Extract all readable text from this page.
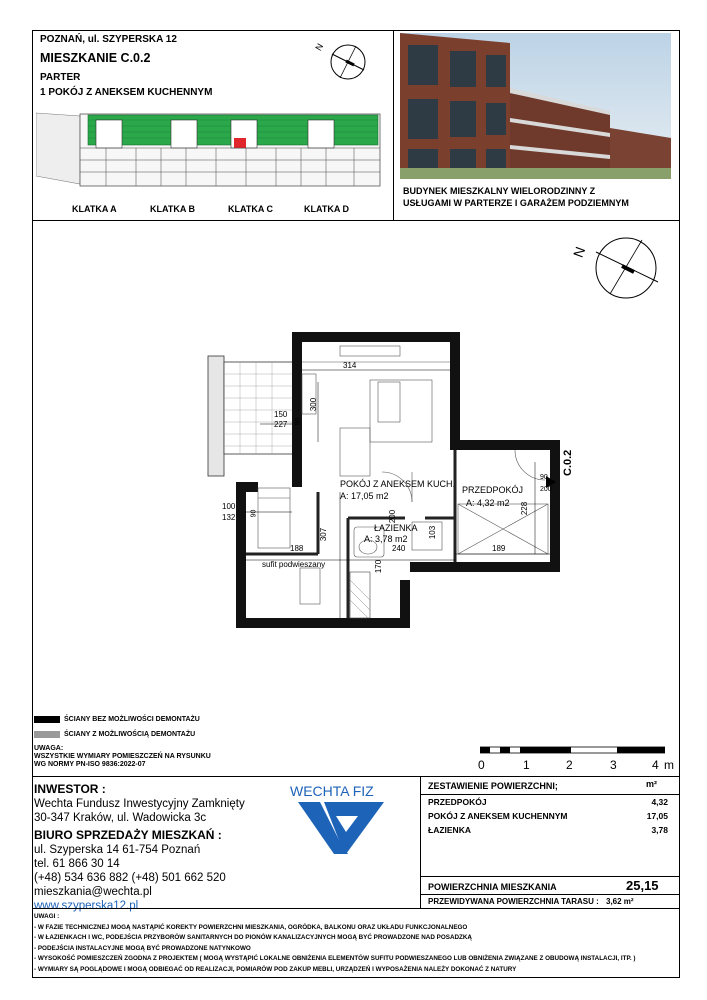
POZNAŃ, ul. SZYPERSKA 12
MIESZKANIE C.0.2
PARTER
1 POKÓJ Z ANEKSEM KUCHENNYM
N
KLATKA A	KLATKA B	KLATKA C	KLATKA D
BUDYNEK MIESZKALNY WIELORODZINNY Z
USŁUGAMI W PARTERZE I GARAŻEM PODZIEMNYM
N
314
300
150
227 90
100
132 90
307
188
170
200
240
103
189
228
90
200
POKÓJ Z ANEKSEM KUCH.
A: 17,05 m2
PRZEDPOKÓJ
A: 4,32 m2
ŁAZIENKA
A: 3,78 m2
sufit podwieszany
C.0.2
ŚCIANY BEZ MOŻLIWOŚCI DEMONTAŻU
ŚCIANY Z MOŻLIWOŚCIĄ DEMONTAŻU
UWAGA:
WSZYSTKIE WYMIARY POMIESZCZEŃ NA RYSUNKU
WG NORMY PN-ISO 9836:2022-07	0	1	2	3	4 m
INWESTOR :
Wechta Fundusz Inwestycyjny Zamknięty
30-347 Kraków, ul. Wadowicka 3c
BIURO SPRZEDAŻY MIESZKAŃ :
ul. Szyperska 14 61-754 Poznań
tel. 61 866 30 14
(+48) 534 636 882 (+48) 501 662 520
mieszkania@wechta.pl
www.szyperska12.pl
WECHTA FIZ	ZESTAWIENIE POWIERZCHNI;	m²
PRZEDPOKÓJ	4,32
POKÓJ Z ANEKSEM KUCHENNYM	17,05
ŁAZIENKA	3,78
POWIERZCHNIA MIESZKANIA	25,15
PRZEWIDYWANA POWIERZCHNIA TARASU : 3,62 m²
UWAGI :
- W FAZIE TECHNICZNEJ MOGĄ NASTĄPIĆ KOREKTY POWIERZCHNI MIESZKANIA, OGRÓDKA, BALKONU ORAZ UKŁADU FUNKCJONALNEGO
- W ŁAZIENKACH I WC, PODEJŚCIA PRZYBORÓW SANITARNYCH DO PIONÓW KANALIZACYJNYCH MOGĄ BYĆ PROWADZONE NAD POSADZKĄ
- PODEJŚCIA INSTALACYJNE MOGĄ BYĆ PROWADZONE NATYNKOWO
- WYSOKOŚĆ POMIESZCZEŃ ZGODNA Z PROJEKTEM ( MOGĄ WYSTĄPIĆ LOKALNE OBNIŻENIA ELEMENTÓW SUFITU PODWIESZANEGO LUB OBNIŻENIA ZWIĄZANE Z OBUDOWĄ INSTALACJI, ITP. )
- WYMIARY SĄ POGLĄDOWE I MOGĄ ODBIEGAĆ OD REALIZACJI, POMIARÓW POD ZAKUP MEBLI, URZĄDZEŃ I WYPOSAŻENIA NALEŻY DOKONAĆ Z NATURY
